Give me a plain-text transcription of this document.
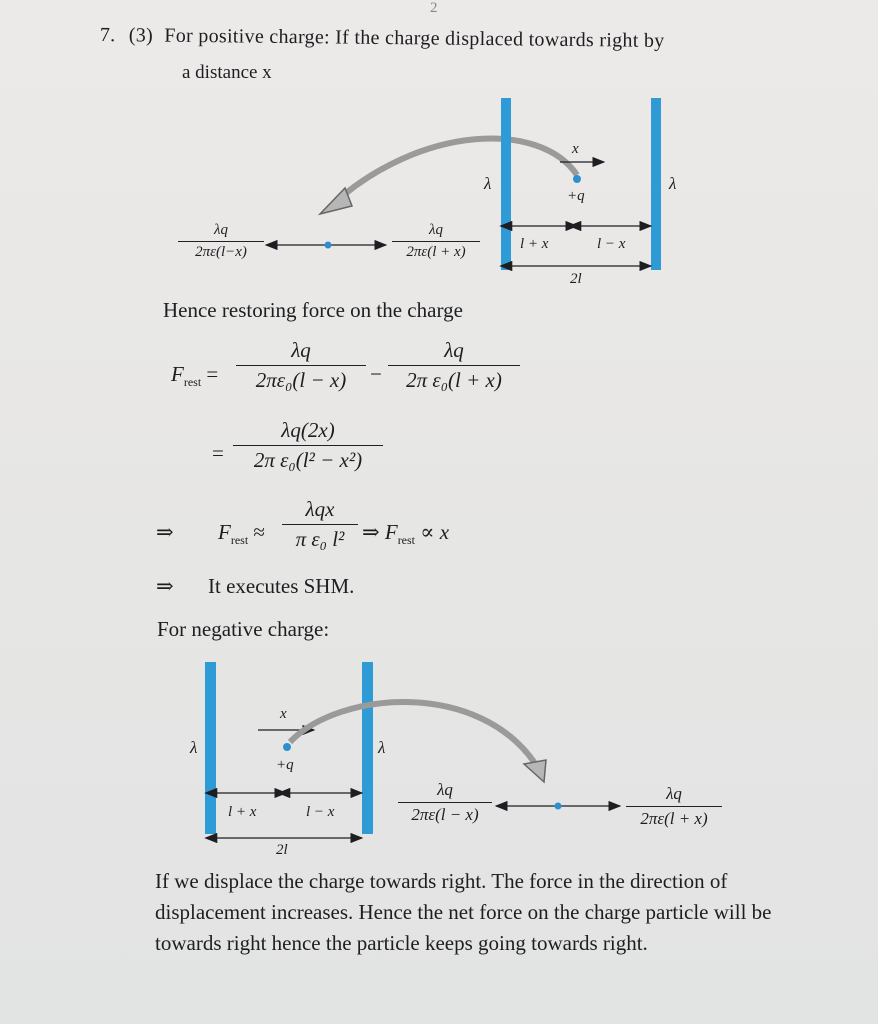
2
7. (3) For positive charge: If the charge displaced towards right by
a distance x
λ	λ
x
+q
l + x	l − x
2l
$\frac{\lambda q}{2\pi\varepsilon(l-x)}$	$\frac{\lambda q}{2\pi\varepsilon(l + x)}$
Hence restoring force on the charge
$F_{rest} = \frac{\lambda q}{\text{2πε₀(l − x)}} - \frac{\lambda q}{\text{2π ε₀(l + x)}}$
= $\frac{\lambda q(2x)}{\text{2π ε₀(l² − x²)}}$
⇒ $F_{rest}$ ≈
λqx
π ε₀ l² ⇒ $F_{rest} \propto x$
⇒ It executes SHM.
For negative charge:
λ	λ
x
+q
l + x	l − x
2l
$\frac{\lambda q}{2\pi\varepsilon(l - x)}$	$\frac{\lambda q}{2\pi\varepsilon(l + x)}$
If we displace the charge towards right. The force in the direction of displacement increases. Hence the net force on the charge particle will be towards right hence the particle keeps going towards right.
